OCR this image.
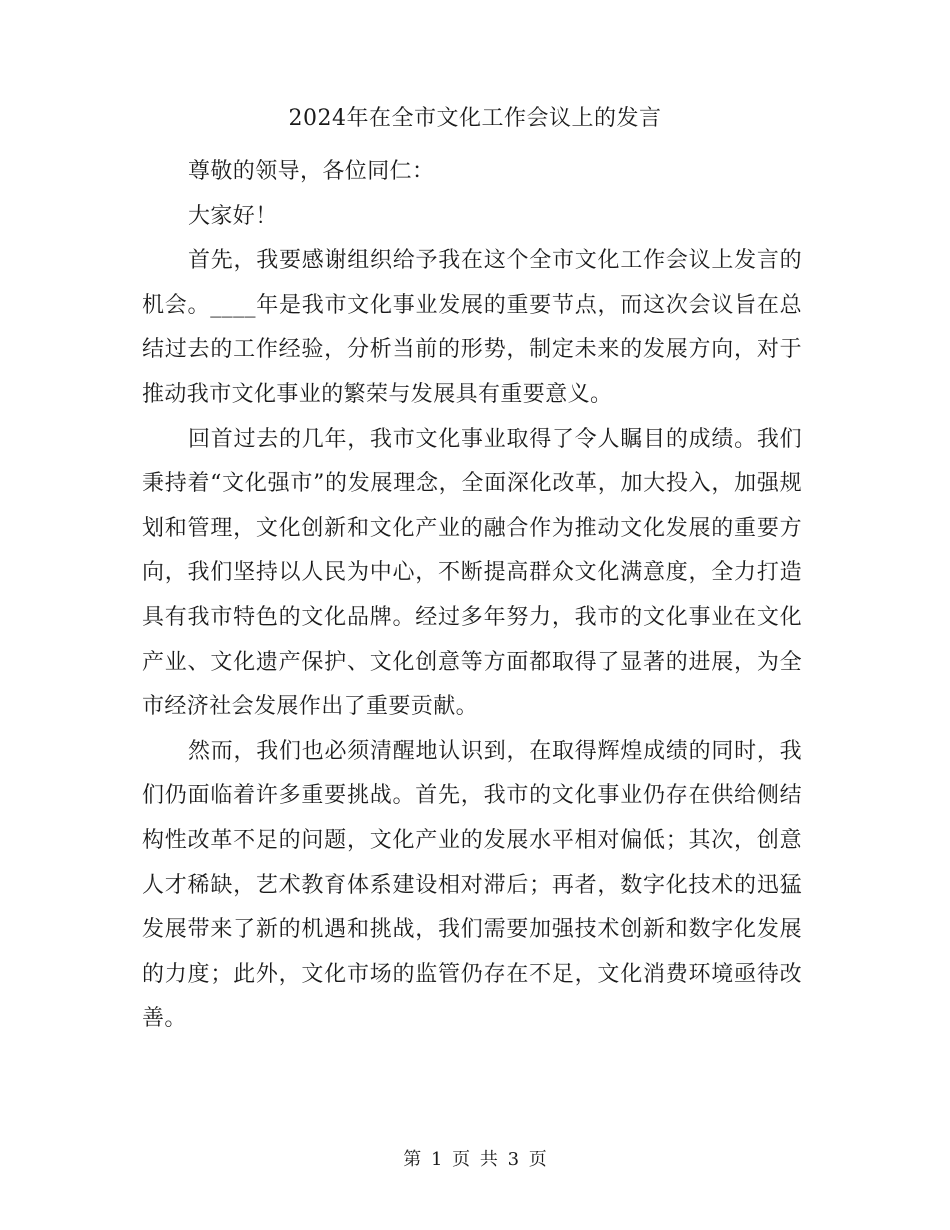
2024年在全市文化工作会议上的发言

尊敬的领导，各位同仁：

大家好！

首先，我要感谢组织给予我在这个全市文化工作会议上发言的机会。____年是我市文化事业发展的重要节点，而这次会议旨在总结过去的工作经验，分析当前的形势，制定未来的发展方向，对于推动我市文化事业的繁荣与发展具有重要意义。

回首过去的几年，我市文化事业取得了令人瞩目的成绩。我们秉持着“文化强市”的发展理念，全面深化改革，加大投入，加强规划和管理，文化创新和文化产业的融合作为推动文化发展的重要方向，我们坚持以人民为中心，不断提高群众文化满意度，全力打造具有我市特色的文化品牌。经过多年努力，我市的文化事业在文化产业、文化遗产保护、文化创意等方面都取得了显著的进展，为全市经济社会发展作出了重要贡献。

然而，我们也必须清醒地认识到，在取得辉煌成绩的同时，我们仍面临着许多重要挑战。首先，我市的文化事业仍存在供给侧结构性改革不足的问题，文化产业的发展水平相对偏低；其次，创意人才稀缺，艺术教育体系建设相对滞后；再者，数字化技术的迅猛发展带来了新的机遇和挑战，我们需要加强技术创新和数字化发展的力度；此外，文化市场的监管仍存在不足，文化消费环境亟待改善。

第 1 页 共 3 页
